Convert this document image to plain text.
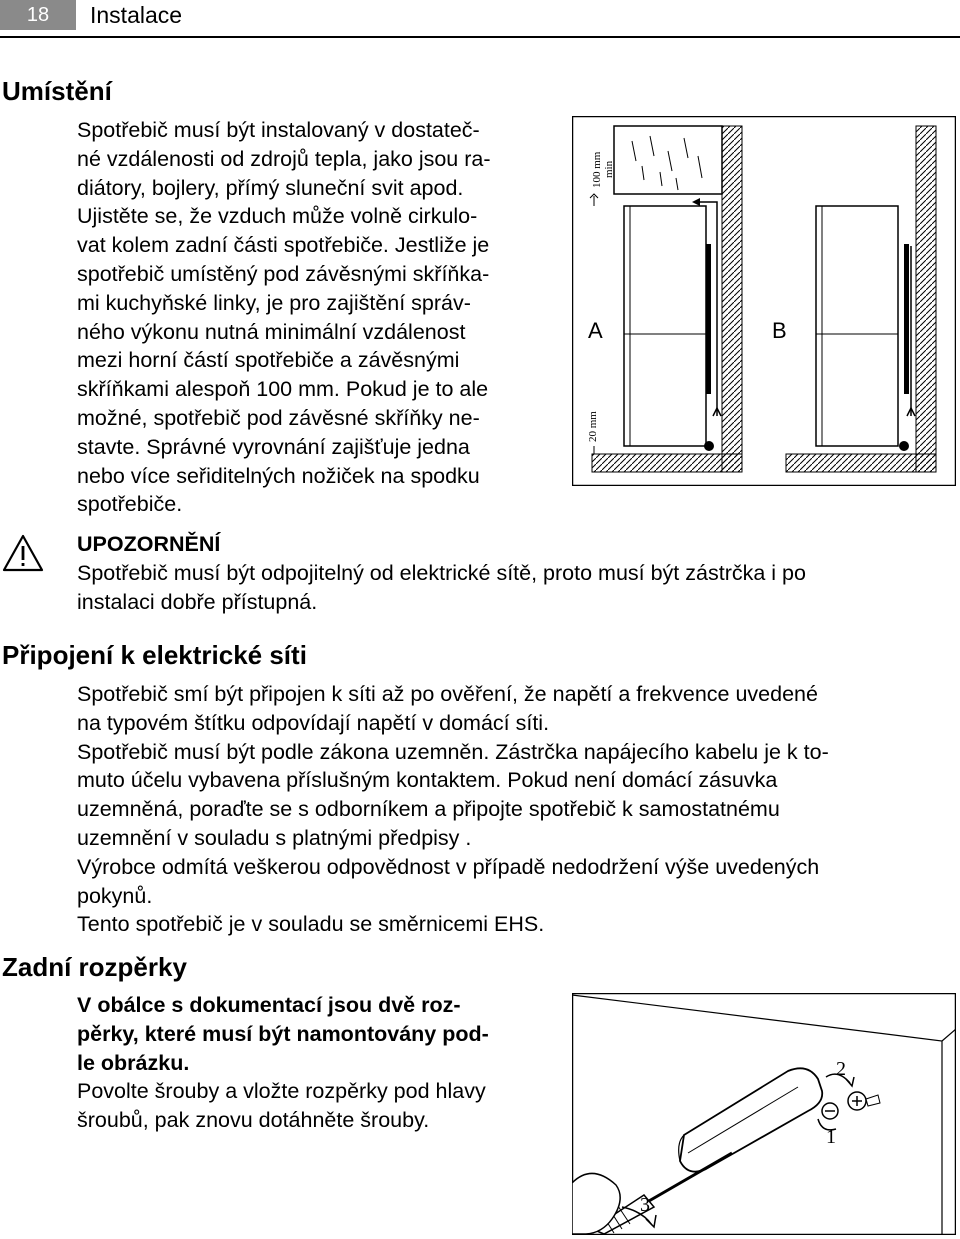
18	Instalace
Umístění
Spotřebič musí být instalovaný v dostateč-
né vzdálenosti od zdrojů tepla, jako jsou ra-
diátory, bojlery, přímý sluneční svit apod.
Ujistěte se, že vzduch může volně cirkulo-
vat kolem zadní části spotřebiče. Jestliže je
spotřebič umístěný pod závěsnými skříňka-
mi kuchyňské linky, je pro zajištění správ-
ného výkonu nutná minimální vzdálenost
mezi horní částí spotřebiče a závěsnými
skříňkami alespoň 100 mm. Pokud je to ale
možné, spotřebič pod závěsné skříňky ne-
stavte. Správné vyrovnání zajišťuje jedna
nebo více seřiditelných nožiček na spodku
spotřebiče.
100 mm min
20 mm
A	B
UPOZORNĚNÍ
Spotřebič musí být odpojitelný od elektrické sítě, proto musí být zástrčka i po
instalaci dobře přístupná.
Připojení k elektrické síti
Spotřebič smí být připojen k síti až po ověření, že napětí a frekvence uvedené
na typovém štítku odpovídají napětí v domácí síti.
Spotřebič musí být podle zákona uzemněn. Zástrčka napájecího kabelu je k to-
muto účelu vybavena příslušným kontaktem. Pokud není domácí zásuvka
uzemněná, poraďte se s odborníkem a připojte spotřebič k samostatnému
uzemnění v souladu s platnými předpisy .
Výrobce odmítá veškerou odpovědnost v případě nedodržení výše uvedených
pokynů.
Tento spotřebič je v souladu se směrnicemi EHS.
Zadní rozpěrky
V obálce s dokumentací jsou dvě roz-
pěrky, které musí být namontovány pod-
le obrázku.
Povolte šrouby a vložte rozpěrky pod hlavy
šroubů, pak znovu dotáhněte šrouby.
2
1
3
